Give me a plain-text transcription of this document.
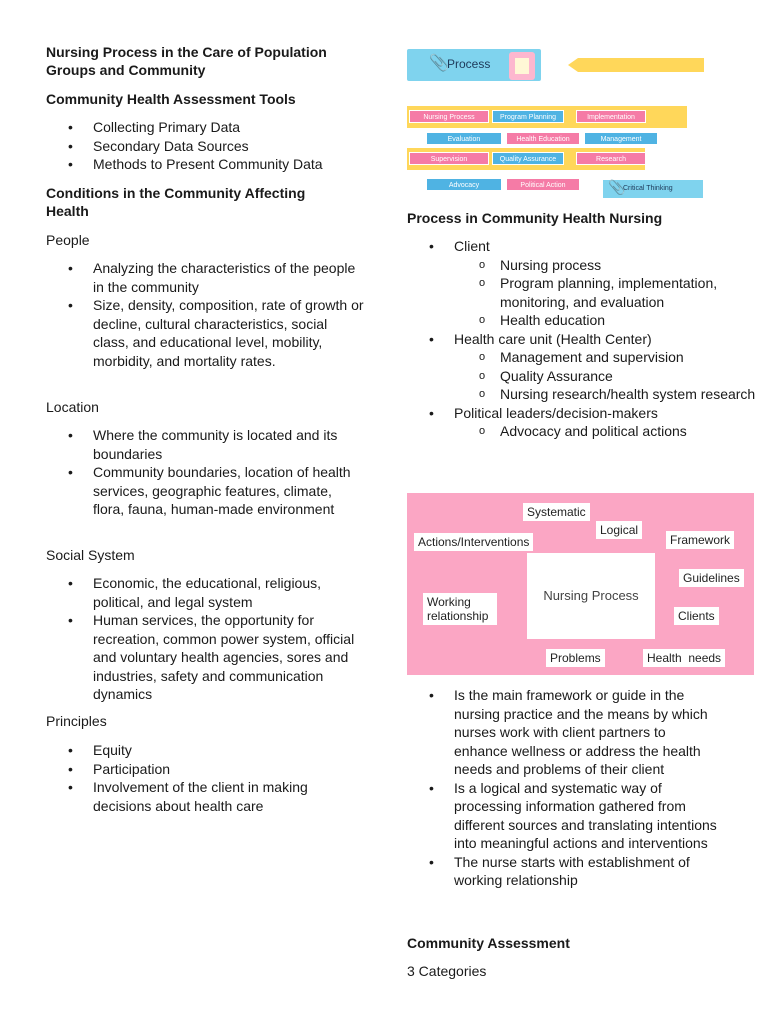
Nursing Process in the Care of Population Groups and Community

Community Health Assessment Tools

• Collecting Primary Data
• Secondary Data Sources
• Methods to Present Community Data

Conditions in the Community Affecting Health

People

• Analyzing the characteristics of the people in the community
• Size, density, composition, rate of growth or decline, cultural characteristics, social class, and educational level, mobility, morbidity, and mortality rates.

Location

• Where the community is located and its boundaries
• Community boundaries, location of health services, geographic features, climate, flora, fauna, human-made environment

Social System

• Economic, the educational, religious, political, and legal system
• Human services, the opportunity for recreation, common power system, official and voluntary health agencies, sores and industries, safety and communication dynamics

Principles

• Equity
• Participation
• Involvement of the client in making decisions about health care
📎
Process
Nursing Process	Program Planning	Implementation
Evaluation	Health Education	Management
Supervision	Quality Assurance	Research
Advocacy	Political Action	📎
Critical Thinking

Process in Community Health Nursing

• Client
o Nursing process
o Program planning, implementation, monitoring, and evaluation
o Health education
• Health care unit (Health Center)
o Management and supervision
o Quality Assurance
o Nursing research/health system research
• Political leaders/decision-makers
o Advocacy and political actions
Nursing Process
Systematic
Logical
Actions/Interventions	Framework
Guidelines
Working relationship	Clients
Problems	Health  needs
• Is the main framework or guide in the nursing practice and the means by which nurses work with client partners to enhance wellness or address the health needs and problems of their client
• Is a logical and systematic way of processing information gathered from different sources and translating intentions into meaningful actions and interventions
• The nurse starts with establishment of working relationship

Community Assessment

3 Categories
